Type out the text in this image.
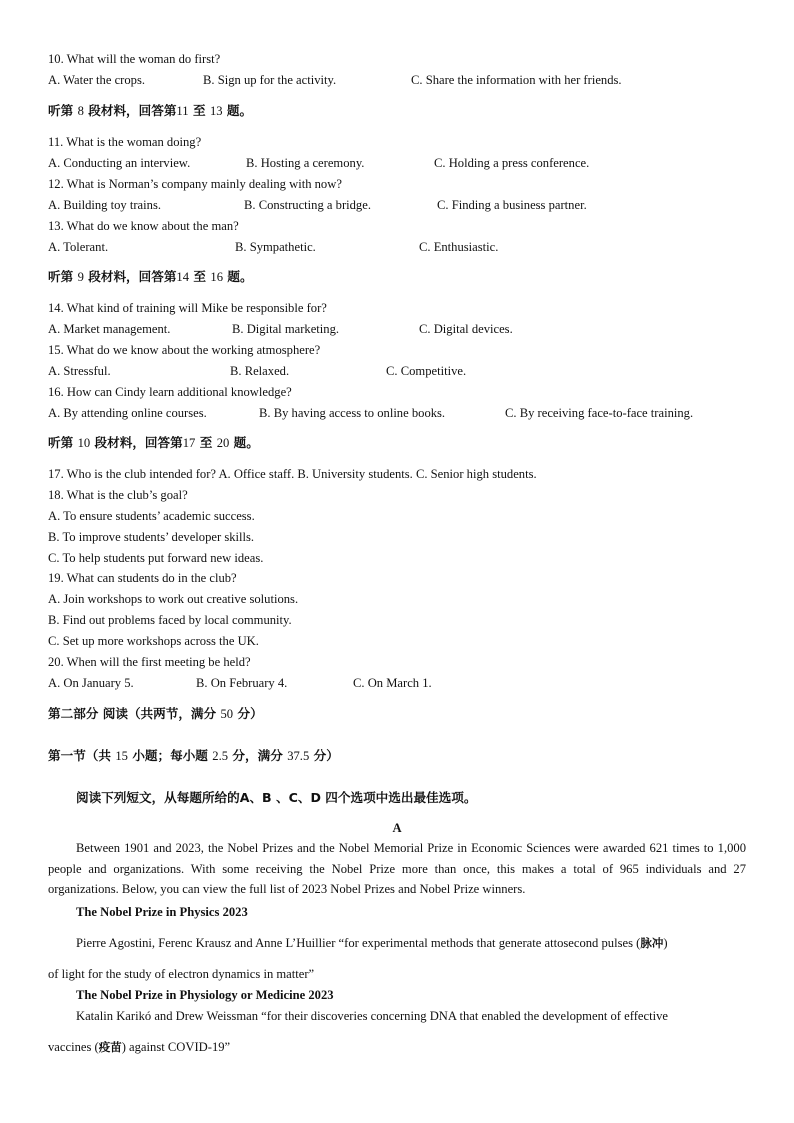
10. What will the woman do first?
A. Water the crops.	B. Sign up for the activity.	C. Share the information with her friends.
听第 8 段材料，回答第11 至 13 题。
11. What is the woman doing?
A. Conducting an interview.	B. Hosting a ceremony.	C. Holding a press conference.
12. What is Norman’s company mainly dealing with now?
A. Building toy trains.	B. Constructing a bridge.	C. Finding a business partner.
13. What do we know about the man?
A. Tolerant.	B. Sympathetic.	C. Enthusiastic.
听第 9 段材料，回答第14 至 16 题。
14. What kind of training will Mike be responsible for?
A. Market management.	B. Digital marketing.	C. Digital devices.
15. What do we know about the working atmosphere?
A. Stressful.	B. Relaxed.	C. Competitive.
16. How can Cindy learn additional knowledge?
A. By attending online courses.	B. By having access to online books.	C. By receiving face-to-face training.
听第 10 段材料，回答第17 至 20 题。
17. Who is the club intended for? A. Office staff. B. University students. C. Senior high students.
18. What is the club’s goal?
A. To ensure students’ academic success.
B. To improve students’ developer skills.
C. To help students put forward new ideas.
19. What can students do in the club?
A. Join workshops to work out creative solutions.
B. Find out problems faced by local community.
C. Set up more workshops across the UK.
20. When will the first meeting be held?
A. On January 5.	B. On February 4.	C. On March 1.
第二部分 阅读（共两节，满分 50 分）
第一节（共 15 小题；每小题 2.5 分，满分 37.5 分）
阅读下列短文，从每题所给的A、B 、C、D 四个选项中选出最佳选项。
A
Between 1901 and 2023, the Nobel Prizes and the Nobel Memorial Prize in Economic Sciences were awarded 621 times to 1,000 people and organizations. With some receiving the Nobel Prize more than once, this makes a total of 965 individuals and 27 organizations. Below, you can view the full list of 2023 Nobel Prizes and Nobel Prize winners.
The Nobel Prize in Physics 2023
Pierre Agostini, Ferenc Krausz and Anne L’Huillier “for experimental methods that generate attosecond pulses (脉冲)
of light for the study of electron dynamics in matter”
The Nobel Prize in Physiology or Medicine 2023
Katalin Karikó and Drew Weissman “for their discoveries concerning DNA that enabled the development of effective
vaccines (疫苗) against COVID-19”
